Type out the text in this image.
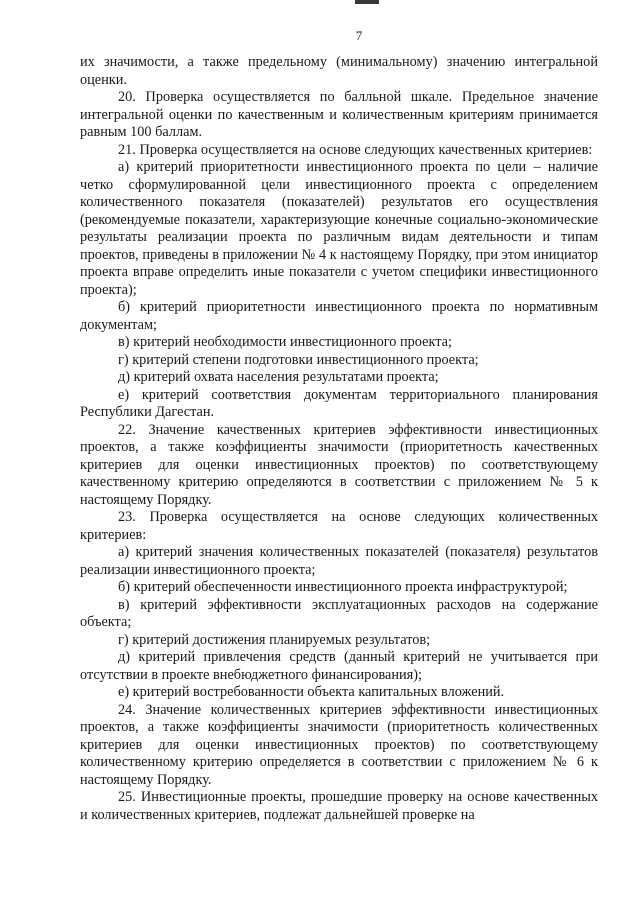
7

их значимости, а также предельному (минимальному) значению интегральной оценки.

20. Проверка осуществляется по балльной шкале. Предельное значение интегральной оценки по качественным и количественным критериям принимается равным 100 баллам.

21. Проверка осуществляется на основе следующих качественных критериев:

а) критерий приоритетности инвестиционного проекта по цели – наличие четко сформулированной цели инвестиционного проекта с определением количественного показателя (показателей) результатов его осуществления (рекомендуемые показатели, характеризующие конечные социально-экономические результаты реализации проекта по различным видам деятельности и типам проектов, приведены в приложении № 4 к настоящему Порядку, при этом инициатор проекта вправе определить иные показатели с учетом специфики инвестиционного проекта);

б) критерий приоритетности инвестиционного проекта по нормативным документам;

в) критерий необходимости инвестиционного проекта;

г) критерий степени подготовки инвестиционного проекта;

д) критерий охвата населения результатами проекта;

е) критерий соответствия документам территориального планирования Республики Дагестан.

22. Значение качественных критериев эффективности инвестиционных проектов, а также коэффициенты значимости (приоритетность качественных критериев для оценки инвестиционных проектов) по соответствующему качественному критерию определяются в соответствии с приложением № 5 к настоящему Порядку.

23. Проверка осуществляется на основе следующих количественных критериев:

а) критерий значения количественных показателей (показателя) результатов реализации инвестиционного проекта;

б) критерий обеспеченности инвестиционного проекта инфраструктурой;

в) критерий эффективности эксплуатационных расходов на содержание объекта;

г) критерий достижения планируемых результатов;

д) критерий привлечения средств (данный критерий не учитывается при отсутствии в проекте внебюджетного финансирования);

е) критерий востребованности объекта капитальных вложений.

24. Значение количественных критериев эффективности инвестиционных проектов, а также коэффициенты значимости (приоритетность количественных критериев для оценки инвестиционных проектов) по соответствующему количественному критерию определяется в соответствии с приложением № 6 к настоящему Порядку.

25. Инвестиционные проекты, прошедшие проверку на основе качественных и количественных критериев, подлежат дальнейшей проверке на
